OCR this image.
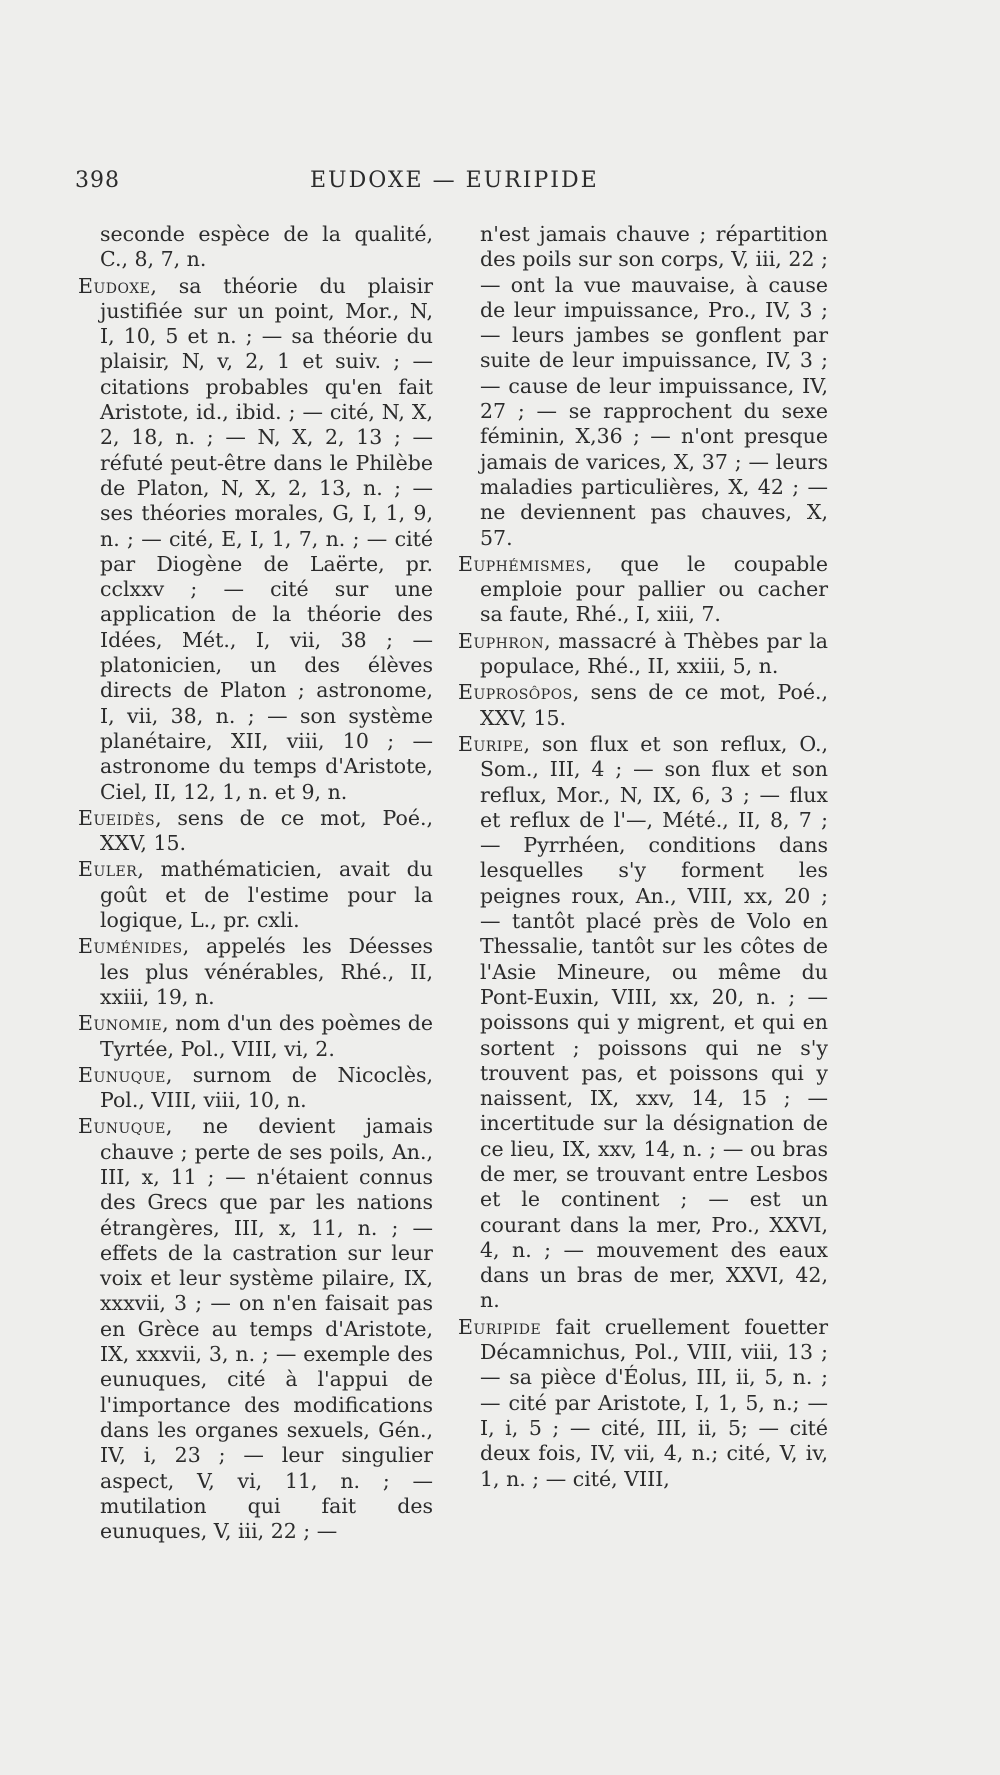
398	EUDOXE — EURIPIDE

seconde espèce de la qualité, C., 8, 7, n.

Eudoxe, sa théorie du plaisir justifiée sur un point, Mor., N, I, 10, 5 et n. ; — sa théorie du plaisir, N, v, 2, 1 et suiv. ; — citations probables qu'en fait Aristote, id., ibid. ; — cité, N, X, 2, 18, n. ; — N, X, 2, 13 ; — réfuté peut-être dans le Philèbe de Platon, N, X, 2, 13, n. ; — ses théories morales, G, I, 1, 9, n. ; — cité, E, I, 1, 7, n. ; — cité par Diogène de Laërte, pr. cclxxv ; — cité sur une application de la théorie des Idées, Mét., I, vii, 38 ; — platonicien, un des élèves directs de Platon ; astronome, I, vii, 38, n. ; — son système planétaire, XII, viii, 10 ; — astronome du temps d'Aristote, Ciel, II, 12, 1, n. et 9, n.

Eueidès, sens de ce mot, Poé., XXV, 15.

Euler, mathématicien, avait du goût et de l'estime pour la logique, L., pr. cxli.

Euménides, appelés les Déesses les plus vénérables, Rhé., II, xxiii, 19, n.

Eunomie, nom d'un des poèmes de Tyrtée, Pol., VIII, vi, 2.

Eunuque, surnom de Nicoclès, Pol., VIII, viii, 10, n.

Eunuque, ne devient jamais chauve ; perte de ses poils, An., III, x, 11 ; — n'étaient connus des Grecs que par les nations étrangères, III, x, 11, n. ; — effets de la castration sur leur voix et leur système pilaire, IX, xxxvii, 3 ; — on n'en faisait pas en Grèce au temps d'Aristote, IX, xxxvii, 3, n. ; — exemple des eunuques, cité à l'appui de l'importance des modifications dans les organes sexuels, Gén., IV, i, 23 ; — leur singulier aspect, V, vi, 11, n. ; — mutilation qui fait des eunuques, V, iii, 22 ; —

n'est jamais chauve ; répartition des poils sur son corps, V, iii, 22 ; — ont la vue mauvaise, à cause de leur impuissance, Pro., IV, 3 ; — leurs jambes se gonflent par suite de leur impuissance, IV, 3 ; — cause de leur impuissance, IV, 27 ; — se rapprochent du sexe féminin, X,36 ; — n'ont presque jamais de varices, X, 37 ; — leurs maladies particulières, X, 42 ; — ne deviennent pas chauves, X, 57.

Euphémismes, que le coupable emploie pour pallier ou cacher sa faute, Rhé., I, xiii, 7.

Euphron, massacré à Thèbes par la populace, Rhé., II, xxiii, 5, n.

Euprosôpos, sens de ce mot, Poé., XXV, 15.

Euripe, son flux et son reflux, O., Som., III, 4 ; — son flux et son reflux, Mor., N, IX, 6, 3 ; — flux et reflux de l'—, Mété., II, 8, 7 ; — Pyrrhéen, conditions dans lesquelles s'y forment les peignes roux, An., VIII, xx, 20 ; — tantôt placé près de Volo en Thessalie, tantôt sur les côtes de l'Asie Mineure, ou même du Pont-Euxin, VIII, xx, 20, n. ; — poissons qui y migrent, et qui en sortent ; poissons qui ne s'y trouvent pas, et poissons qui y naissent, IX, xxv, 14, 15 ; — incertitude sur la désignation de ce lieu, IX, xxv, 14, n. ; — ou bras de mer, se trouvant entre Lesbos et le continent ; — est un courant dans la mer, Pro., XXVI, 4, n. ; — mouvement des eaux dans un bras de mer, XXVI, 42, n.

Euripide fait cruellement fouetter Décamnichus, Pol., VIII, viii, 13 ; — sa pièce d'Éolus, III, ii, 5, n. ; — cité par Aristote, I, 1, 5, n.; — I, i, 5 ; — cité, III, ii, 5; — cité deux fois, IV, vii, 4, n.; cité, V, iv, 1, n. ; — cité, VIII,
